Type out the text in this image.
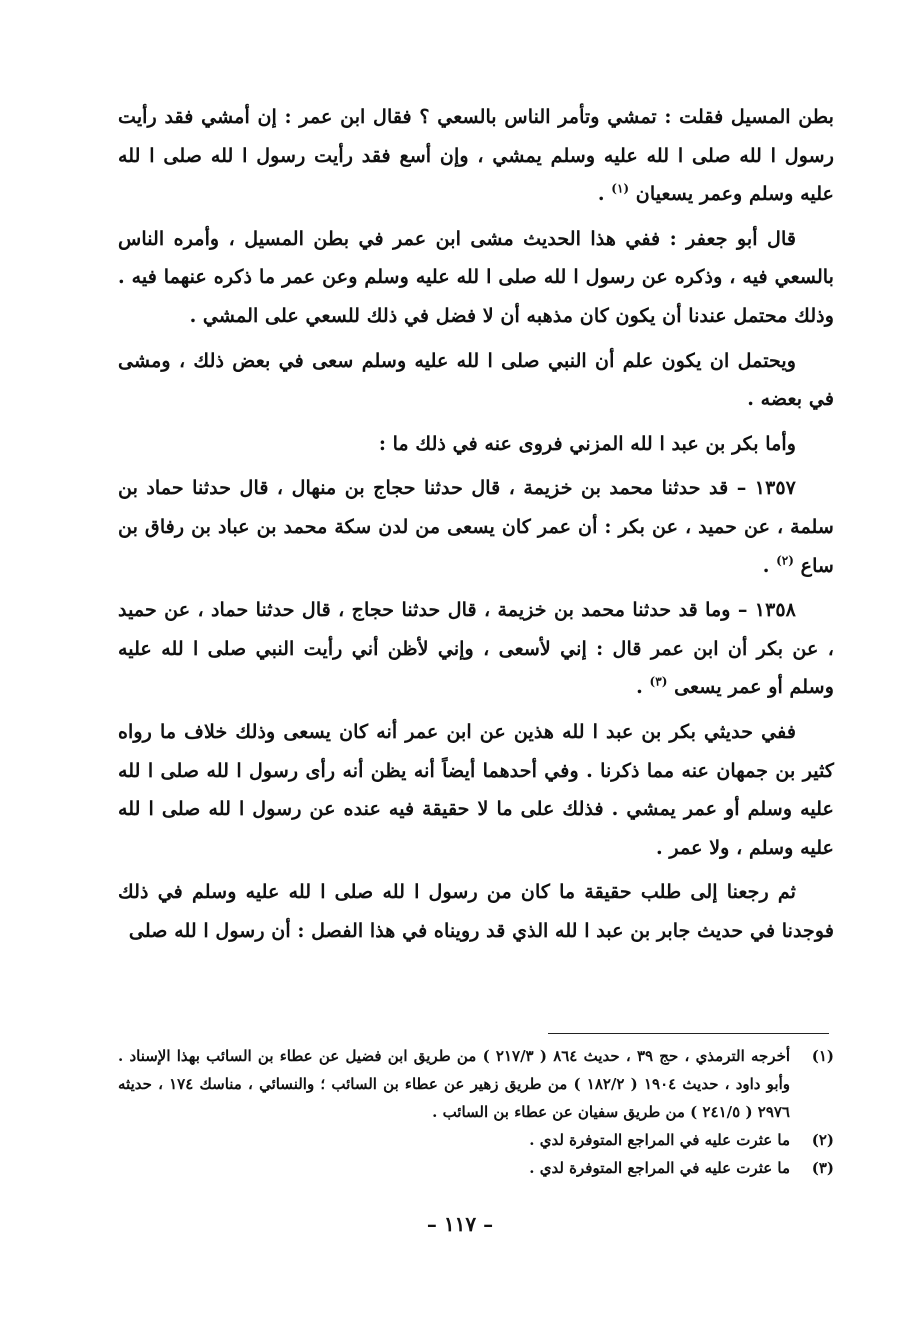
بطن المسيل فقلت : تمشي وتأمر الناس بالسعي ؟ فقال ابن عمر : إن أمشي فقد رأيت رسول ا لله صلى ا لله عليه وسلم يمشي ، وإن أسع فقد رأيت رسول ا لله صلى ا لله عليه وسلم وعمر يسعيان $^{(١)}$ .

قال أبو جعفر : ففي هذا الحديث مشى ابن عمر في بطن المسيل ، وأمره الناس بالسعي فيه ، وذكره عن رسول ا لله صلى ا لله عليه وسلم وعن عمر ما ذكره عنهما فيه . وذلك محتمل عندنا أن يكون كان مذهبه أن لا فضل في ذلك للسعي على المشي .

ويحتمل ان يكون علم أن النبي صلى ا لله عليه وسلم سعى في بعض ذلك ، ومشى في بعضه .

وأما بكر بن عبد ا لله المزني فروى عنه في ذلك ما :

١٣٥٧ – قد حدثنا محمد بن خزيمة ، قال حدثنا حجاج بن منهال ، قال حدثنا حماد بن سلمة ، عن حميد ، عن بكر : أن عمر كان يسعى من لدن سكة محمد بن عباد بن رفاق بن ساع $^{(٢)}$ .

١٣٥٨ – وما قد حدثنا محمد بن خزيمة ، قال حدثنا حجاج ، قال حدثنا حماد ، عن حميد ، عن بكر أن ابن عمر قال : إني لأسعى ، وإني لأظن أني رأيت النبي صلى ا لله عليه وسلم أو عمر يسعى $^{(٣)}$ .

ففي حديثي بكر بن عبد ا لله هذين عن ابن عمر أنه كان يسعى وذلك خلاف ما رواه كثير بن جمهان عنه مما ذكرنا . وفي أحدهما أيضاً أنه يظن أنه رأى رسول ا لله صلى ا لله عليه وسلم أو عمر يمشي . فذلك على ما لا حقيقة فيه عنده عن رسول ا لله صلى ا لله عليه وسلم ، ولا عمر .

ثم رجعنا إلى طلب حقيقة ما كان من رسول ا لله صلى ا لله عليه وسلم في ذلك فوجدنا في حديث جابر بن عبد ا لله الذي قد رويناه في هذا الفصل : أن رسول ا لله صلى

(١)
أخرجه الترمذي ، حج ٣٩ ، حديث ٨٦٤ ( ٢١٧/٣ ) من طريق ابن فضيل عن عطاء بن السائب بهذا الإسناد . وأبو داود ، حديث ١٩٠٤ ( ١٨٢/٢ ) من طريق زهير عن عطاء بن السائب ؛ والنسائي ، مناسك ١٧٤ ، حديثه ٢٩٧٦ ( ٢٤١/٥ ) من طريق سفيان عن عطاء بن السائب .
(٢)
ما عثرت عليه في المراجع المتوفرة لدي .
(٣)
ما عثرت عليه في المراجع المتوفرة لدي .
– ١١٧ –
